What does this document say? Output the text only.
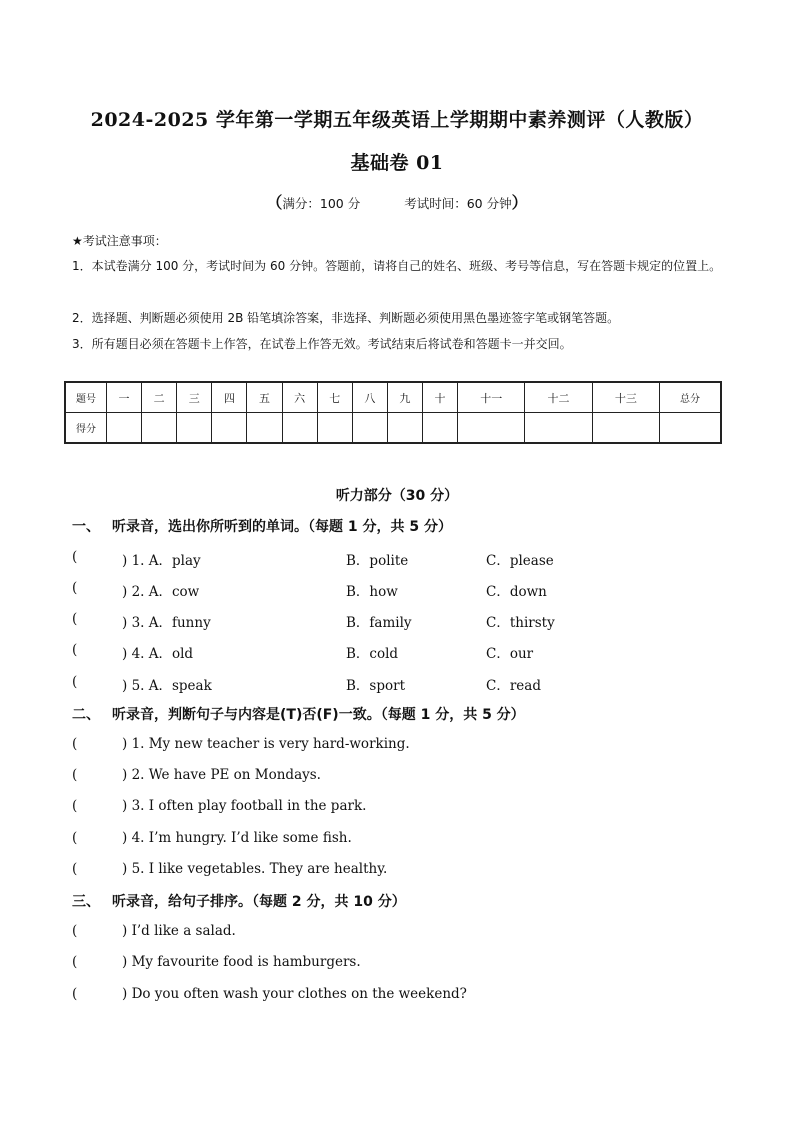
2024-2025 学年第一学期五年级英语上学期期中素养测评（人教版）
基础卷 01
（满分：100 分	考试时间：60 分钟）
★考试注意事项：
1．本试卷满分 100 分，考试时间为 60 分钟。答题前，请将自己的姓名、班级、考号等信息，写在答题卡规定的位置上。
2．选择题、判断题必须使用 2B 铅笔填涂答案，非选择、判断题必须使用黑色墨迹签字笔或钢笔答题。
3．所有题目必须在答题卡上作答，在试卷上作答无效。考试结束后将试卷和答题卡一并交回。
题号	一	二	三	四	五	六	七	八	九	十	十一	十二	十三	总分
得分														
听力部分（30 分）
一、 听录音，选出你所听到的单词。（每题 1 分，共 5 分）
(	) 1. A．play	B．polite	C．please
(	) 2. A．cow	B．how	C．down
(	) 3. A．funny	B．family	C．thirsty
(	) 4. A．old	B．cold	C．our
(	) 5. A．speak	B．sport	C．read
二、 听录音，判断句子与内容是(T)否(F)一致。（每题 1 分，共 5 分）
(	) 1. My new teacher is very hard-working.
(	) 2. We have PE on Mondays.
(	) 3. I often play football in the park.
(	) 4. I’m hungry. I’d like some fish.
(	) 5. I like vegetables. They are healthy.
三、 听录音，给句子排序。（每题 2 分，共 10 分）
(	) I’d like a salad.
(	) My favourite food is hamburgers.
(	) Do you often wash your clothes on the weekend?
